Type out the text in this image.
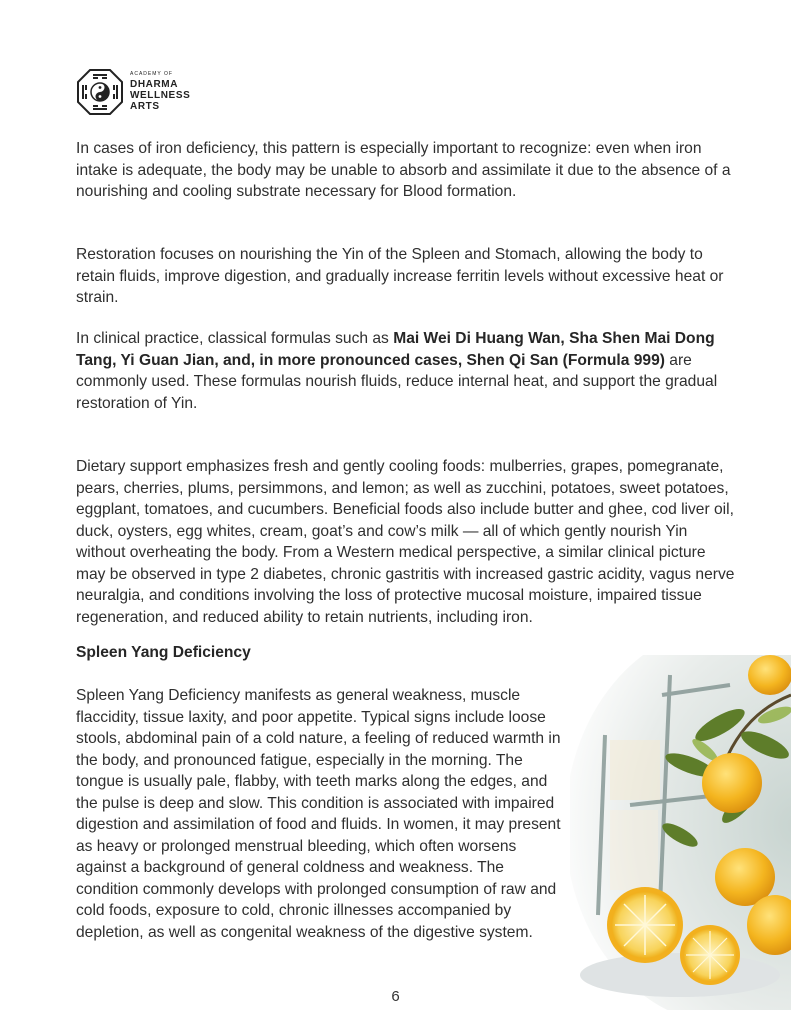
ACADEMY OF
DHARMA
WELLNESS
ARTS

In cases of iron deficiency, this pattern is especially important to recognize: even when iron intake is adequate, the body may be unable to absorb and assimilate it due to the absence of a nourishing and cooling substrate necessary for Blood formation.

Restoration focuses on nourishing the Yin of the Spleen and Stomach, allowing the body to retain fluids, improve digestion, and gradually increase ferritin levels without excessive heat or strain.

In clinical practice, classical formulas such as Mai Wei Di Huang Wan, Sha Shen Mai Dong Tang, Yi Guan Jian, and, in more pronounced cases, Shen Qi San (Formula 999) are commonly used. These formulas nourish fluids, reduce internal heat, and support the gradual restoration of Yin.

Dietary support emphasizes fresh and gently cooling foods: mulberries, grapes, pomegranate, pears, cherries, plums, persimmons, and lemon; as well as zucchini, potatoes, sweet potatoes, eggplant, tomatoes, and cucumbers. Beneficial foods also include butter and ghee, cod liver oil, duck, oysters, egg whites, cream, goat’s and cow’s milk — all of which gently nourish Yin without overheating the body. From a Western medical perspective, a similar clinical picture may be observed in type 2 diabetes, chronic gastritis with increased gastric acidity, vagus nerve neuralgia, and conditions involving the loss of protective mucosal moisture, impaired tissue regeneration, and reduced ability to retain nutrients, including iron.

Spleen Yang Deficiency

Spleen Yang Deficiency manifests as general weakness, muscle flaccidity, tissue laxity, and poor appetite. Typical signs include loose stools, abdominal pain of a cold nature, a feeling of reduced warmth in the body, and pronounced fatigue, especially in the morning. The tongue is usually pale, flabby, with teeth marks along the edges, and the pulse is deep and slow. This condition is associated with impaired digestion and assimilation of food and fluids. In women, it may present as heavy or prolonged menstrual bleeding, which often worsens against a background of general coldness and weakness. The condition commonly develops with prolonged consumption of raw and cold foods, exposure to cold, chronic illnesses accompanied by depletion, as well as congenital weakness of the digestive system.

6
